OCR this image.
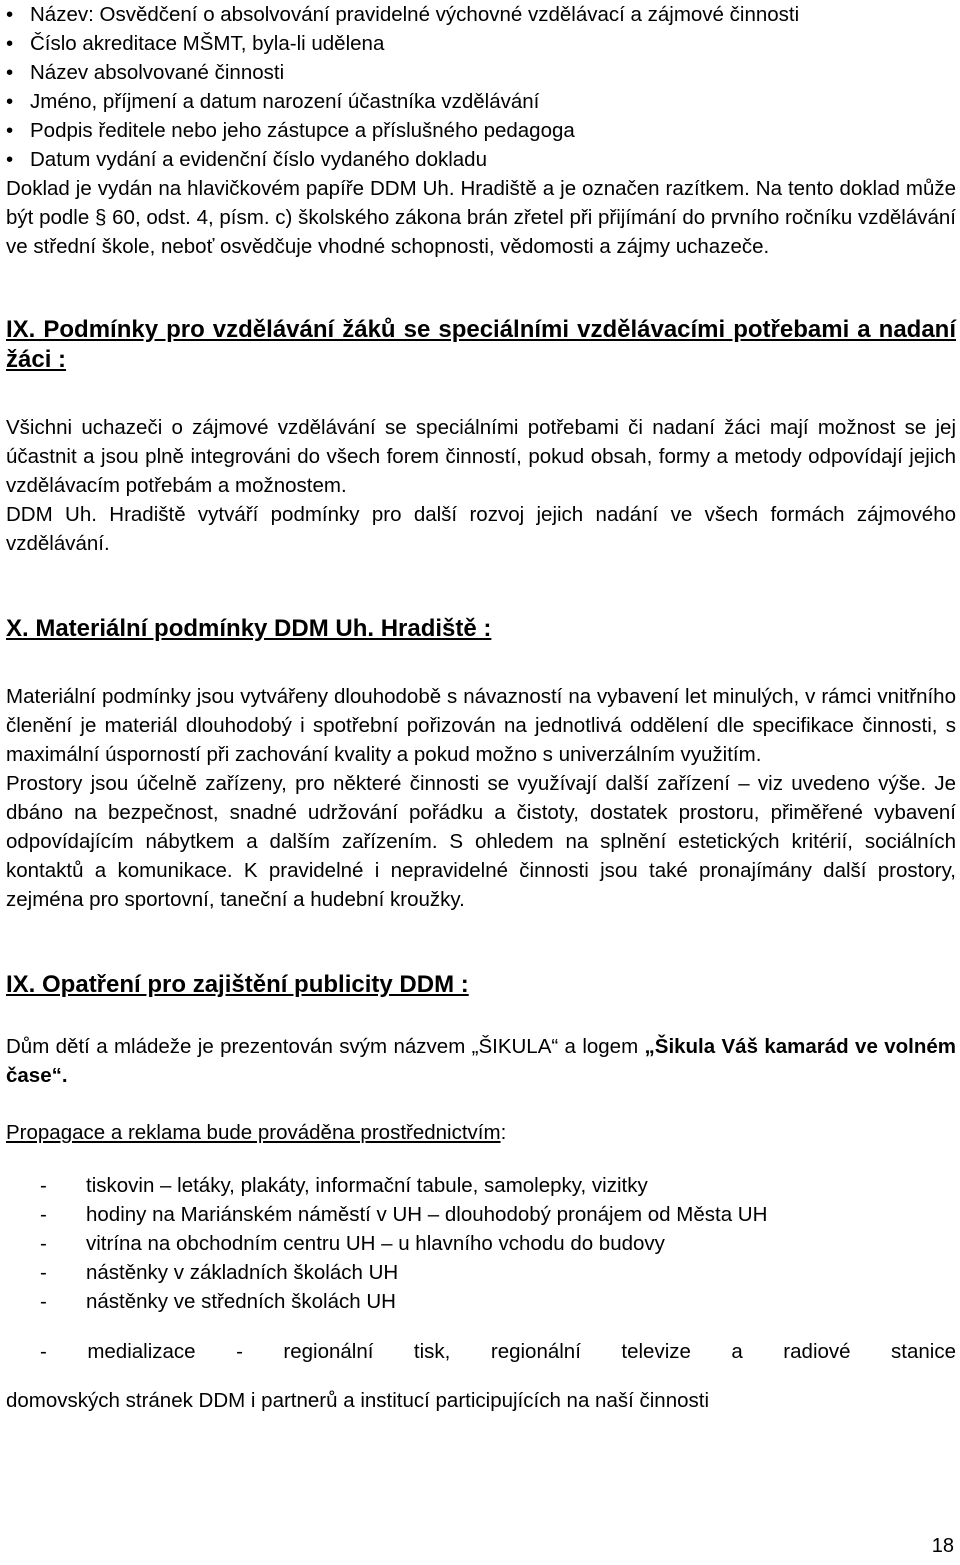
• Název: Osvědčení o absolvování pravidelné výchovné vzdělávací a zájmové činnosti
• Číslo akreditace MŠMT, byla-li udělena
• Název absolvované činnosti
• Jméno, příjmení a datum narození účastníka vzdělávání
• Podpis ředitele nebo jeho zástupce a příslušného pedagoga
• Datum vydání a evidenční číslo vydaného dokladu

Doklad je vydán na hlavičkovém papíře DDM Uh. Hradiště a je označen razítkem. Na tento doklad může být podle § 60, odst. 4, písm. c) školského zákona brán zřetel při přijímání do prvního ročníku vzdělávání ve střední škole, neboť osvědčuje vhodné schopnosti, vědomosti a zájmy uchazeče.

IX. Podmínky pro vzdělávání žáků se speciálními vzdělávacími potřebami a nadaní žáci :

Všichni uchazeči o zájmové vzdělávání se speciálními potřebami či nadaní žáci mají možnost se jej účastnit a jsou plně integrováni do všech forem činností, pokud obsah, formy a metody odpovídají jejich vzdělávacím potřebám a možnostem.

DDM Uh. Hradiště vytváří podmínky pro další rozvoj jejich nadání ve všech formách zájmového vzdělávání.

X. Materiální podmínky DDM Uh. Hradiště :

Materiální podmínky jsou vytvářeny dlouhodobě s návazností na vybavení let minulých, v rámci vnitřního členění je materiál dlouhodobý i spotřební pořizován na jednotlivá oddělení dle specifikace činnosti, s maximální úsporností při zachování kvality a pokud možno s univerzálním využitím.

Prostory jsou účelně zařízeny, pro některé činnosti se využívají další zařízení – viz uvedeno výše. Je dbáno na bezpečnost, snadné udržování pořádku a čistoty, dostatek prostoru, přiměřené vybavení odpovídajícím nábytkem a dalším zařízením. S ohledem na splnění estetických kritérií, sociálních kontaktů a komunikace. K pravidelné i nepravidelné činnosti jsou také pronajímány další prostory, zejména pro sportovní, taneční a hudební kroužky.

IX. Opatření pro zajištění publicity DDM :

Dům dětí a mládeže je prezentován svým názvem „ŠIKULA“ a logem „Šikula Váš kamarád ve volném čase“.

Propagace a reklama bude prováděna prostřednictvím:

- tiskovin – letáky, plakáty, informační tabule, samolepky, vizitky
- hodiny na Mariánském náměstí v UH – dlouhodobý pronájem od Města UH
- vitrína na obchodním centru UH – u hlavního vchodu do budovy
- nástěnky v základních školách UH
- nástěnky ve středních školách UH

- medializace - regionální tisk, regionální televize a radiové stanice

domovských stránek DDM i partnerů a institucí participujících na naší činnosti

18
